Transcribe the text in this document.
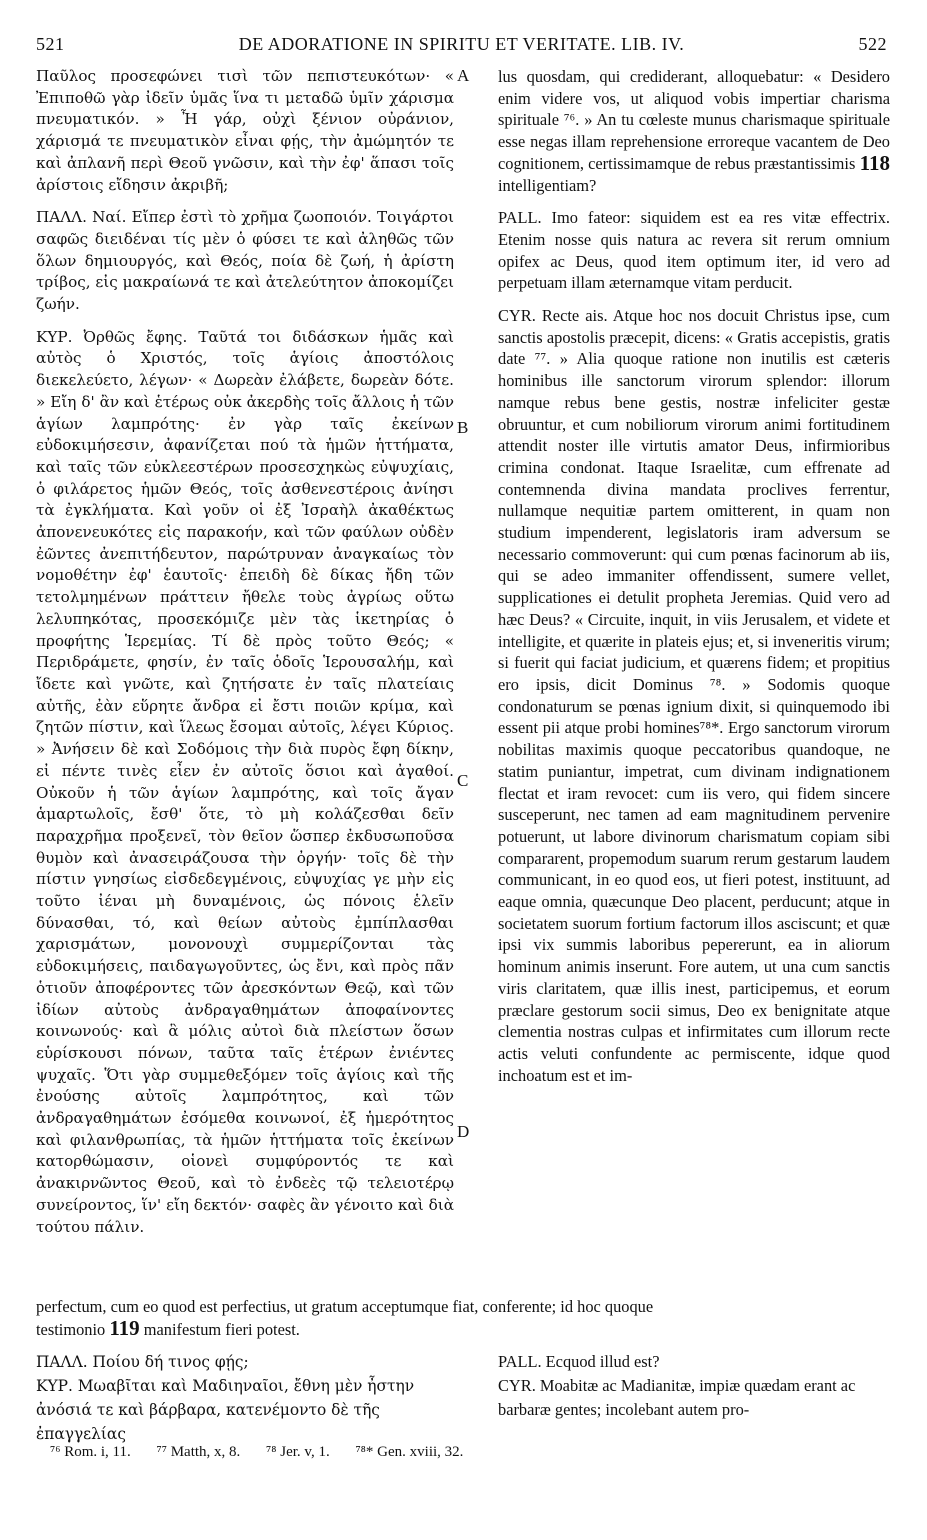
521	DE ADORATIONE IN SPIRITU ET VERITATE. LIB. IV.	522

Παῦλος προσεφώνει τισὶ τῶν πεπιστευκότων· « Ἐπιποθῶ γὰρ ἰδεῖν ὑμᾶς ἵνα τι μεταδῶ ὑμῖν χάρισμα πνευματικόν. » Ἦ γάρ, οὐχὶ ξένιον οὐράνιον, χάρισμά τε πνευματικὸν εἶναι φῄς, τὴν ἀμώμητόν τε καὶ ἀπλανῆ περὶ Θεοῦ γνῶσιν, καὶ τὴν ἐφ' ἅπασι τοῖς ἀρίστοις εἴδησιν ἀκριβῆ;

ΠΑΛΛ. Ναί. Εἴπερ ἐστὶ τὸ χρῆμα ζωοποιόν. Τοιγάρτοι σαφῶς διειδέναι τίς μὲν ὁ φύσει τε καὶ ἀληθῶς τῶν ὅλων δημιουργός, καὶ Θεός, ποία δὲ ζωή, ἡ ἀρίστη τρίβος, εἰς μακραίωνά τε καὶ ἀτελεύτητον ἀποκομίζει ζωήν.

ΚΥΡ. Ὀρθῶς ἔφης. Ταῦτά τοι διδάσκων ἡμᾶς καὶ αὐτὸς ὁ Χριστός, τοῖς ἁγίοις ἀποστόλοις διεκελεύετο, λέγων· « Δωρεὰν ἐλάβετε, δωρεὰν δότε. » Εἴη δ' ἂν καὶ ἑτέρως οὐκ ἀκερδὴς τοῖς ἄλλοις ἡ τῶν ἁγίων λαμπρότης· ἐν γὰρ ταῖς ἐκείνων εὐδοκιμήσεσιν, ἀφανίζεται πού τὰ ἡμῶν ἡττήματα, καὶ ταῖς τῶν εὐκλεεστέρων προσεσχηκὼς εὐψυχίαις, ὁ φιλάρετος ἡμῶν Θεός, τοῖς ἀσθενεστέροις ἀνίησι τὰ ἐγκλήματα. Καὶ γοῦν οἱ ἐξ Ἰσραὴλ ἀκαθέκτως ἀπονενευκότες εἰς παρακοήν, καὶ τῶν φαύλων οὐδὲν ἐῶντες ἀνεπιτήδευτον, παρώτρυναν ἀναγκαίως τὸν νομοθέτην ἐφ' ἑαυτοῖς· ἐπειδὴ δὲ δίκας ἤδη τῶν τετολμημένων πράττειν ἤθελε τοὺς ἀγρίως οὕτω λελυπηκότας, προσεκόμιζε μὲν τὰς ἱκετηρίας ὁ προφήτης Ἱερεμίας. Τί δὲ πρὸς τοῦτο Θεός; « Περιδράμετε, φησίν, ἐν ταῖς ὁδοῖς Ἱερουσαλήμ, καὶ ἴδετε καὶ γνῶτε, καὶ ζητήσατε ἐν ταῖς πλατείαις αὐτῆς, ἐὰν εὕρητε ἄνδρα εἰ ἔστι ποιῶν κρίμα, καὶ ζητῶν πίστιν, καὶ ἵλεως ἔσομαι αὐτοῖς, λέγει Κύριος. » Ἀνήσειν δὲ καὶ Σοδόμοις τὴν διὰ πυρὸς ἔφη δίκην, εἰ πέντε τινὲς εἶεν ἐν αὐτοῖς ὅσιοι καὶ ἀγαθοί. Οὐκοῦν ἡ τῶν ἁγίων λαμπρότης, καὶ τοῖς ἄγαν ἁμαρτωλοῖς, ἔσθ' ὅτε, τὸ μὴ κολάζεσθαι δεῖν παραχρῆμα προξενεῖ, τὸν θεῖον ὥσπερ ἐκδυσωποῦσα θυμὸν καὶ ἀνασειράζουσα τὴν ὀργήν· τοῖς δὲ τὴν πίστιν γνησίως εἰσδεδεγμένοις, εὐψυχίας γε μὴν εἰς τοῦτο ἰέναι μὴ δυναμένοις, ὡς πόνοις ἑλεῖν δύνασθαι, τό, καὶ θείων αὐτοὺς ἐμπίπλασθαι χαρισμάτων, μονονουχὶ συμμερίζονται τὰς εὐδοκιμήσεις, παιδαγωγοῦντες, ὡς ἔνι, καὶ πρὸς πᾶν ὁτιοῦν ἀποφέροντες τῶν ἀρεσκόντων Θεῷ, καὶ τῶν ἰδίων αὐτοὺς ἀνδραγαθημάτων ἀποφαίνοντες κοινωνούς· καὶ ἃ μόλις αὐτοὶ διὰ πλείστων ὅσων εὑρίσκουσι πόνων, ταῦτα ταῖς ἑτέρων ἐνιέντες ψυχαῖς. Ὅτι γὰρ συμμεθεξόμεν τοῖς ἁγίοις καὶ τῆς ἐνούσης αὐτοῖς λαμπρότητος, καὶ τῶν ἀνδραγαθημάτων ἐσόμεθα κοινωνοί, ἐξ ἡμερότητος καὶ φιλανθρωπίας, τὰ ἡμῶν ἡττήματα τοῖς ἐκείνων κατορθώμασιν, οἱονεὶ συμφύροντός τε καὶ ἀνακιρνῶντος Θεοῦ, καὶ τὸ ἐνδεὲς τῷ τελειοτέρῳ συνείροντος, ἵν' εἴη δεκτόν· σαφὲς ἂν γένοιτο καὶ διὰ τούτου πάλιν.

A
B
C
D

lus quosdam, qui crediderant, alloquebatur: « Desidero enim videre vos, ut aliquod vobis impertiar charisma spirituale ⁷⁶. » An tu cœleste munus charismaque spirituale esse negas illam reprehensione erroreque vacantem de Deo cognitionem, certissimamque de rebus præstantissimis 118

intelligentiam?

PALL. Imo fateor: siquidem est ea res vitæ effectrix. Etenim nosse quis natura ac revera sit rerum omnium opifex ac Deus, quod item optimum iter, id vero ad perpetuam illam æternamque vitam perducit.

CYR. Recte ais. Atque hoc nos docuit Christus ipse, cum sanctis apostolis præcepit, dicens: « Gratis accepistis, gratis date ⁷⁷. » Alia quoque ratione non inutilis est cæteris hominibus ille sanctorum virorum splendor: illorum namque rebus bene gestis, nostræ infeliciter gestæ obruuntur, et cum nobiliorum virorum animi fortitudinem attendit noster ille virtutis amator Deus, infirmioribus crimina condonat. Itaque Israelitæ, cum effrenate ad contemnenda divina mandata proclives ferrentur, nullamque nequitiæ partem omitterent, in quam non studium impenderent, legislatoris iram adversum se necessario commoverunt: qui cum pœnas facinorum ab iis, qui se adeo immaniter offendissent, sumere vellet, supplicationes ei detulit propheta Jeremias. Quid vero ad hæc Deus? « Circuite, inquit, in viis Jerusalem, et videte et intelligite, et quærite in plateis ejus; et, si inveneritis virum; si fuerit qui faciat judicium, et quærens fidem; et propitius ero ipsis, dicit Dominus ⁷⁸. » Sodomis quoque condonaturum se pœnas ignium dixit, si quinquemodo ibi essent pii atque probi homines⁷⁸*. Ergo sanctorum virorum nobilitas maximis quoque peccatoribus quandoque, ne statim puniantur, impetrat, cum divinam indignationem flectat et iram revocet: cum iis vero, qui fidem sincere susceperunt, nec tamen ad eam magnitudinem pervenire potuerunt, ut labore divinorum charismatum copiam sibi compararent, propemodum suarum rerum gestarum laudem communicant, in eo quod eos, ut fieri potest, instituunt, ad eaque omnia, quæcunque Deo placent, perducunt; atque in societatem suorum fortium factorum illos asciscunt; et quæ ipsi vix summis laboribus pepererunt, ea in aliorum hominum animis inserunt. Fore autem, ut una cum sanctis viris claritatem, quæ illis inest, participemus, et eorum præclare gestorum socii simus, Deo ex benignitate atque clementia nostras culpas et infirmitates cum illorum recte actis veluti confundente ac permiscente, idque quod inchoatum est et im-

perfectum, cum eo quod est perfectius, ut gratum acceptumque fiat, conferente; id hoc quoque
testimonio 119 manifestum fieri potest.
ΠΑΛΛ. Ποίου δή τινος φῄς;
ΚΥΡ. Μωαβῖται καὶ Μαδιηναῖοι, ἔθνη μὲν ἦστην ἀνόσιά τε καὶ βάρβαρα, κατενέμοντο δὲ τῆς ἐπαγγελίας
PALL. Ecquod illud est?
CYR. Moabitæ ac Madianitæ, impiæ quædam erant ac barbaræ gentes; incolebant autem pro-
⁷⁶ Rom. i, 11. ⁷⁷ Matth, x, 8. ⁷⁸ Jer. v, 1. ⁷⁸* Gen. xviii, 32.
